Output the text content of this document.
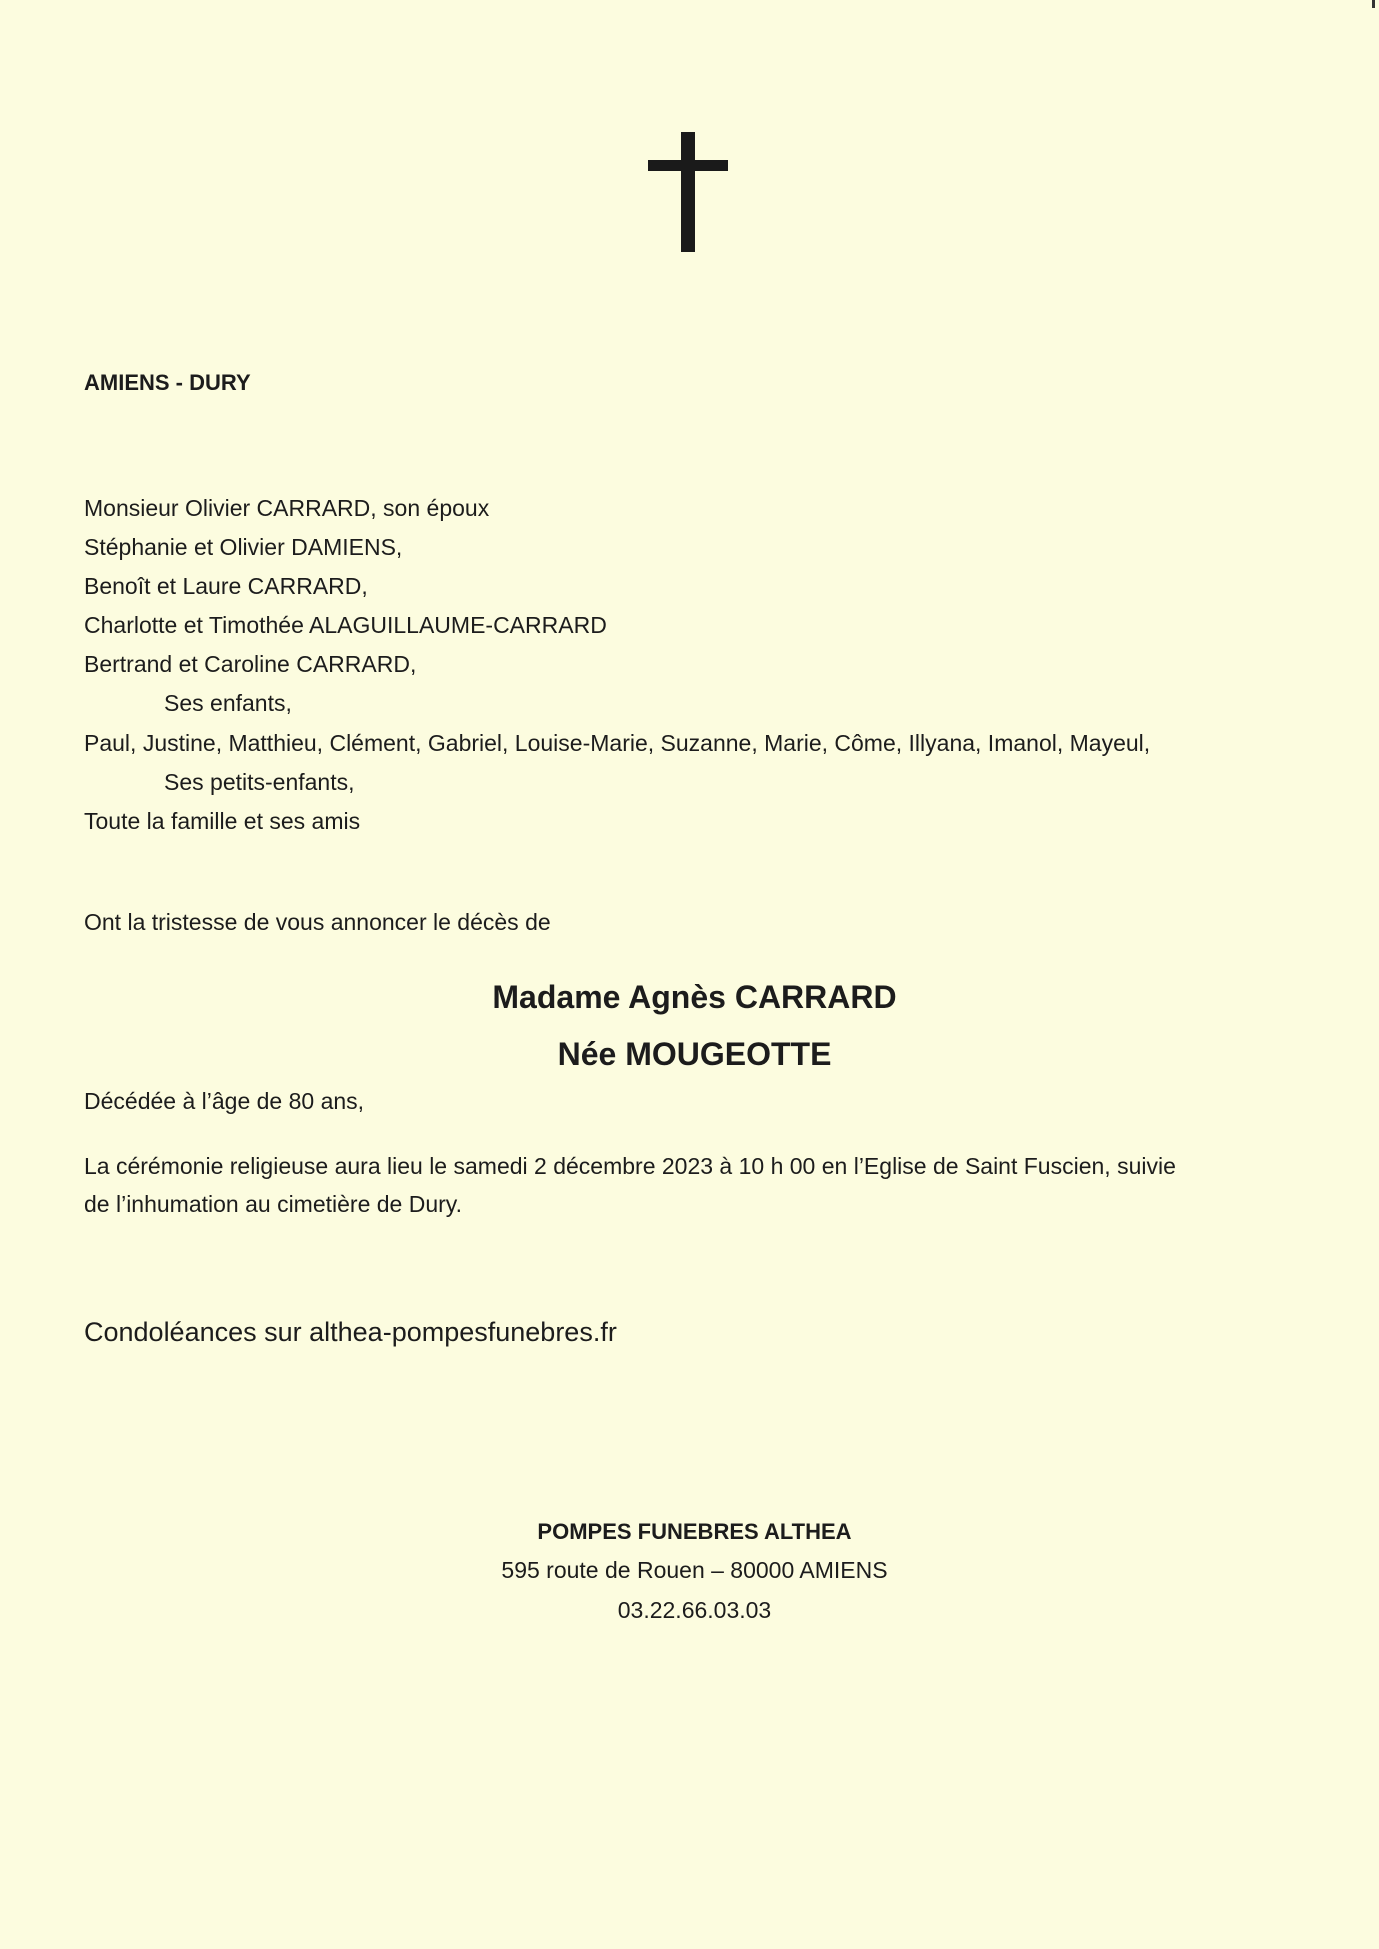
AMIENS - DURY
Monsieur Olivier CARRARD, son époux
Stéphanie et Olivier DAMIENS,
Benoît et Laure CARRARD,
Charlotte et Timothée ALAGUILLAUME-CARRARD
Bertrand et Caroline CARRARD,
Ses enfants,
Paul, Justine, Matthieu, Clément, Gabriel, Louise-Marie, Suzanne, Marie, Côme, Illyana, Imanol, Mayeul,
Ses petits-enfants,
Toute la famille et ses amis
Ont la tristesse de vous annoncer le décès de
Madame Agnès CARRARD
Née MOUGEOTTE
Décédée à l’âge de 80 ans,
La cérémonie religieuse aura lieu le samedi 2 décembre 2023 à 10 h 00 en l’Eglise de Saint Fuscien, suivie
de l’inhumation au cimetière de Dury.
Condoléances sur althea-pompesfunebres.fr
POMPES FUNEBRES ALTHEA
595 route de Rouen – 80000 AMIENS
03.22.66.03.03
